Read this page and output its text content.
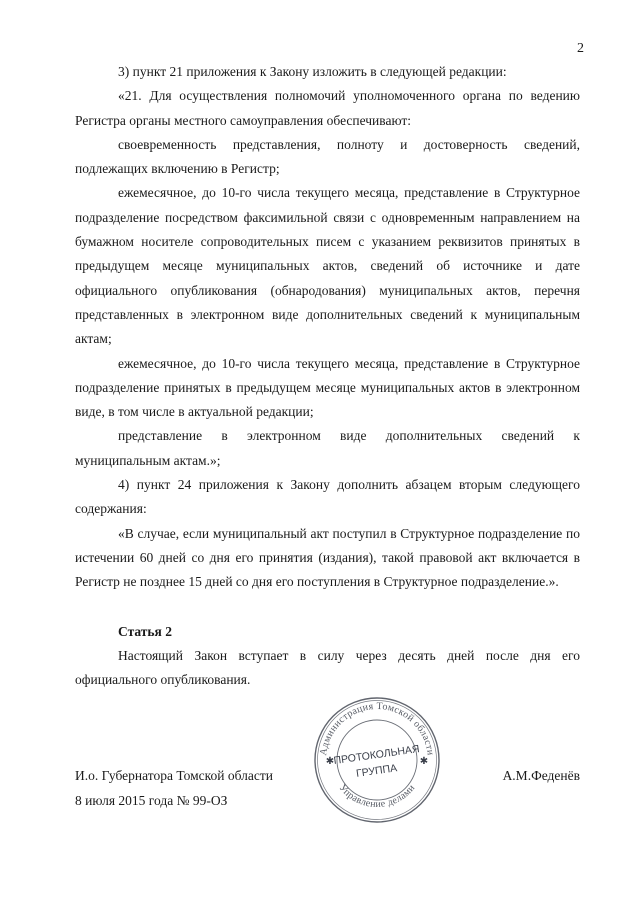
2

3) пункт 21 приложения к Закону изложить в следующей редакции:

«21. Для осуществления полномочий уполномоченного органа по ведению Регистра органы местного самоуправления обеспечивают:

своевременность представления, полноту и достоверность сведений, подлежащих включению в Регистр;

ежемесячное, до 10-го числа текущего месяца, представление в Структурное подразделение посредством факсимильной связи с одновременным направлением на бумажном носителе сопроводительных писем с указанием реквизитов принятых в предыдущем месяце муниципальных актов, сведений об источнике и дате официального опубликования (обнародования) муниципальных актов, перечня представленных в электронном виде дополнительных сведений к муниципальным актам;

ежемесячное, до 10-го числа текущего месяца, представление в Структурное подразделение принятых в предыдущем месяце муниципальных актов в электронном виде, в том числе в актуальной редакции;

представление в электронном виде дополнительных сведений к муниципальным актам.»;

4) пункт 24 приложения к Закону дополнить абзацем вторым следующего содержания:

«В случае, если муниципальный акт поступил в Структурное подразделение по истечении 60 дней со дня его принятия (издания), такой правовой акт включается в Регистр не позднее 15 дней со дня его поступления в Структурное подразделение.».

Статья 2

Настоящий Закон вступает в силу через десять дней после дня его официального опубликования.

И.о. Губернатора Томской области	А.М.Феденёв
8 июля 2015 года № 99-ОЗ
Администрация Томской области
Управление делами
✱	✱
ПРОТОКОЛЬНАЯ
ГРУППА
